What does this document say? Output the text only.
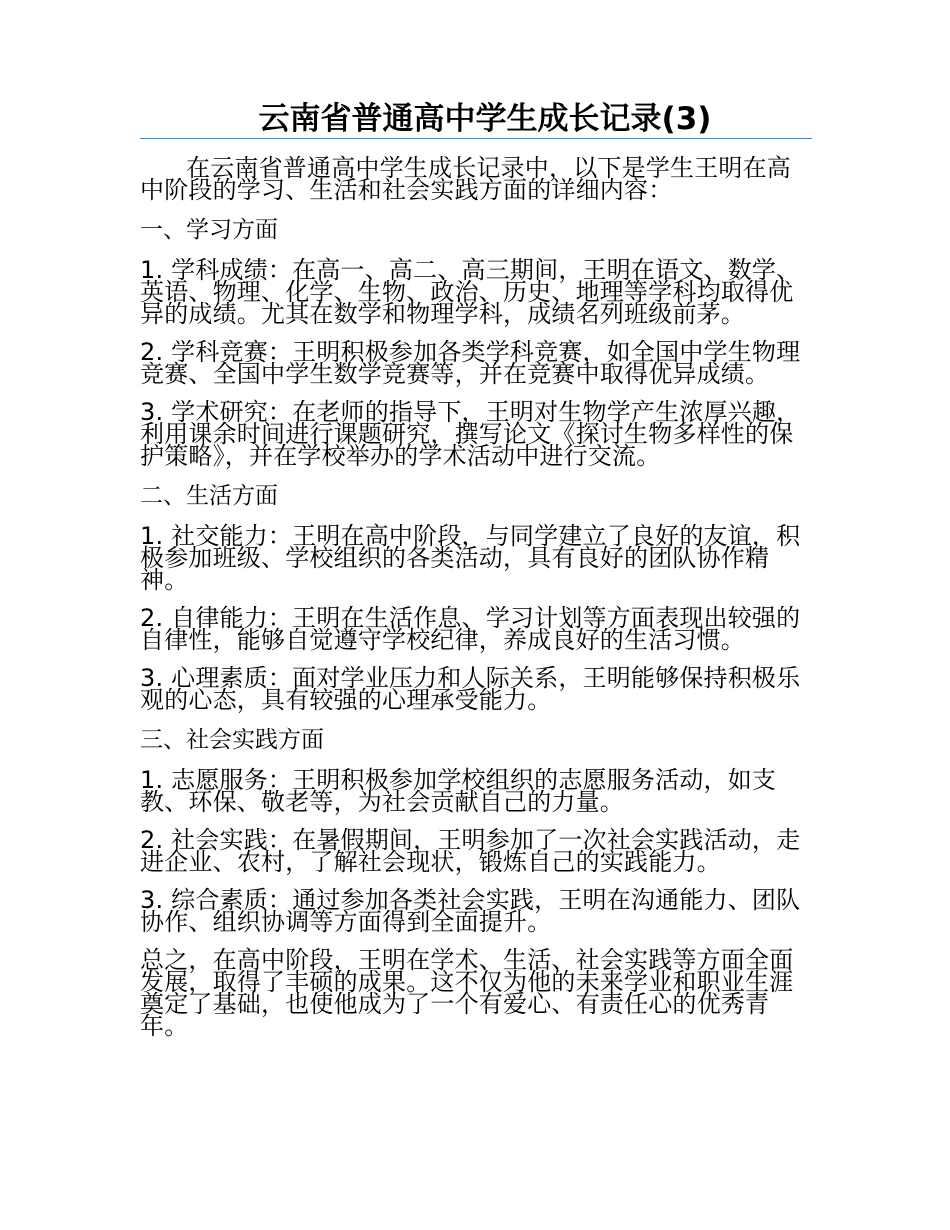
云南省普通高中学生成长记录(3)

在云南省普通高中学生成长记录中，以下是学生王明在高中阶段的学习、生活和社会实践方面的详细内容：

一、学习方面

1. 学科成绩：在高一、高二、高三期间，王明在语文、数学、英语、物理、化学、生物、政治、历史、地理等学科均取得优异的成绩。尤其在数学和物理学科，成绩名列班级前茅。

2. 学科竞赛：王明积极参加各类学科竞赛，如全国中学生物理竞赛、全国中学生数学竞赛等，并在竞赛中取得优异成绩。

3. 学术研究：在老师的指导下，王明对生物学产生浓厚兴趣，利用课余时间进行课题研究，撰写论文《探讨生物多样性的保护策略》，并在学校举办的学术活动中进行交流。

二、生活方面

1. 社交能力：王明在高中阶段，与同学建立了良好的友谊，积极参加班级、学校组织的各类活动，具有良好的团队协作精神。

2. 自律能力：王明在生活作息、学习计划等方面表现出较强的自律性，能够自觉遵守学校纪律，养成良好的生活习惯。

3. 心理素质：面对学业压力和人际关系，王明能够保持积极乐观的心态，具有较强的心理承受能力。

三、社会实践方面

1. 志愿服务：王明积极参加学校组织的志愿服务活动，如支教、环保、敬老等，为社会贡献自己的力量。

2. 社会实践：在暑假期间，王明参加了一次社会实践活动，走进企业、农村，了解社会现状，锻炼自己的实践能力。

3. 综合素质：通过参加各类社会实践，王明在沟通能力、团队协作、组织协调等方面得到全面提升。

总之，在高中阶段，王明在学术、生活、社会实践等方面全面发展，取得了丰硕的成果。这不仅为他的未来学业和职业生涯奠定了基础，也使他成为了一个有爱心、有责任心的优秀青年。
